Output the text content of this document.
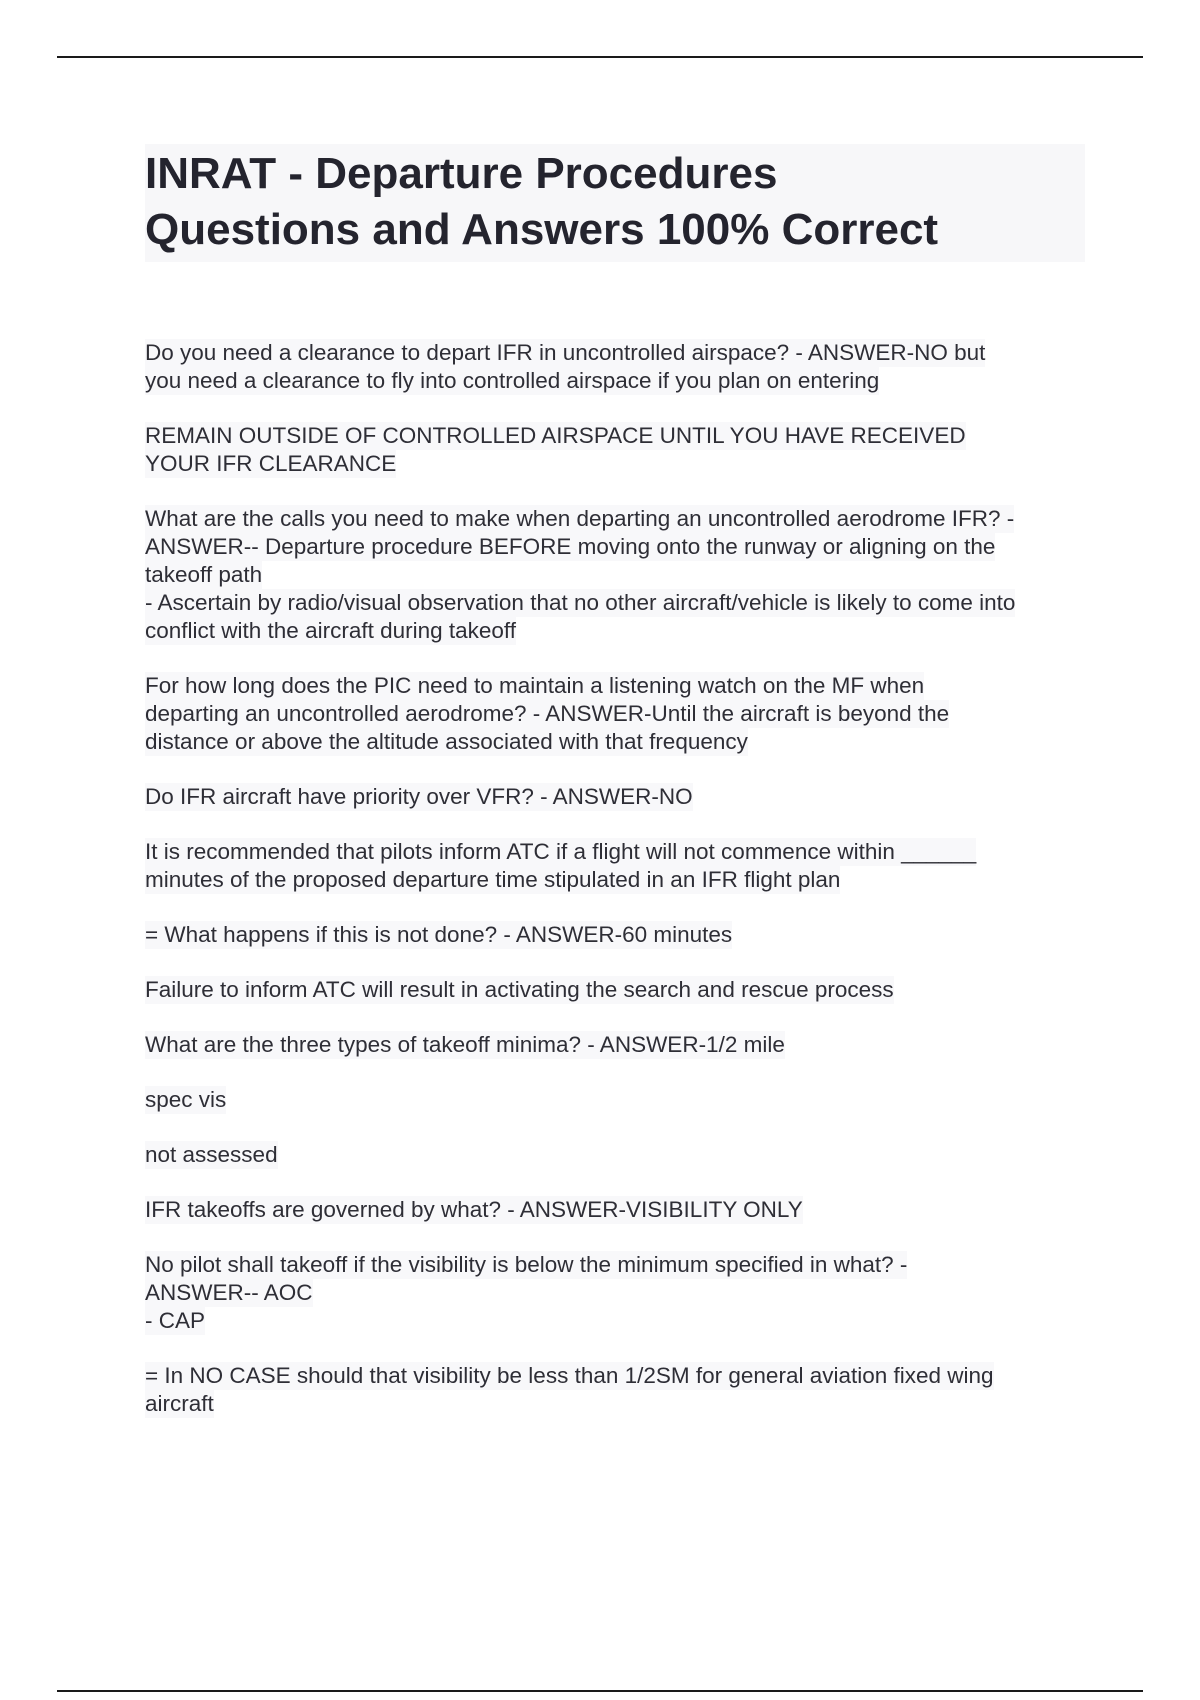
INRAT - Departure Procedures
Questions and Answers 100% Correct
Do you need a clearance to depart IFR in uncontrolled airspace? - ANSWER-NO but
you need a clearance to fly into controlled airspace if you plan on entering
REMAIN OUTSIDE OF CONTROLLED AIRSPACE UNTIL YOU HAVE RECEIVED
YOUR IFR CLEARANCE
What are the calls you need to make when departing an uncontrolled aerodrome IFR? -
ANSWER-- Departure procedure BEFORE moving onto the runway or aligning on the
takeoff path
- Ascertain by radio/visual observation that no other aircraft/vehicle is likely to come into
conflict with the aircraft during takeoff
For how long does the PIC need to maintain a listening watch on the MF when
departing an uncontrolled aerodrome? - ANSWER-Until the aircraft is beyond the
distance or above the altitude associated with that frequency
Do IFR aircraft have priority over VFR? - ANSWER-NO
It is recommended that pilots inform ATC if a flight will not commence within ______
minutes of the proposed departure time stipulated in an IFR flight plan
= What happens if this is not done? - ANSWER-60 minutes
Failure to inform ATC will result in activating the search and rescue process
What are the three types of takeoff minima? - ANSWER-1/2 mile
spec vis
not assessed
IFR takeoffs are governed by what? - ANSWER-VISIBILITY ONLY
No pilot shall takeoff if the visibility is below the minimum specified in what? -
ANSWER-- AOC
- CAP
= In NO CASE should that visibility be less than 1/2SM for general aviation fixed wing
aircraft
